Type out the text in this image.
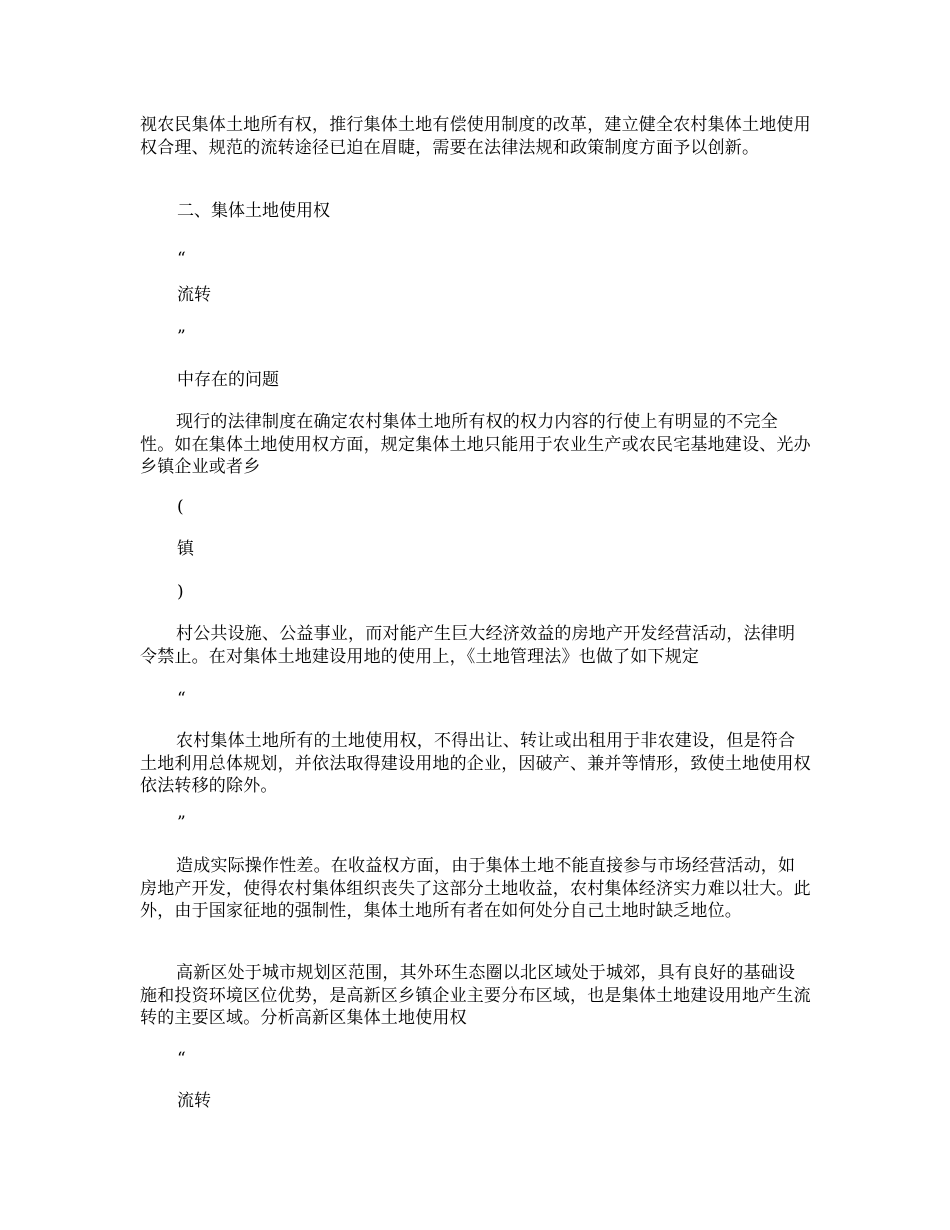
视农民集体土地所有权，推行集体土地有偿使用制度的改革，建立健全农村集体土地使用权合理、规范的流转途径已迫在眉睫，需要在法律法规和政策制度方面予以创新。

二、集体土地使用权
“
流转
”
中存在的问题

现行的法律制度在确定农村集体土地所有权的权力内容的行使上有明显的不完全性。如在集体土地使用权方面，规定集体土地只能用于农业生产或农民宅基地建设、光办乡镇企业或者乡

(
镇
)

村公共设施、公益事业，而对能产生巨大经济效益的房地产开发经营活动，法律明令禁止。在对集体土地建设用地的使用上，《土地管理法》也做了如下规定

“

农村集体土地所有的土地使用权，不得出让、转让或出租用于非农建设，但是符合土地利用总体规划，并依法取得建设用地的企业，因破产、兼并等情形，致使土地使用权依法转移的除外。

”

造成实际操作性差。在收益权方面，由于集体土地不能直接参与市场经营活动，如房地产开发，使得农村集体组织丧失了这部分土地收益，农村集体经济实力难以壮大。此外，由于国家征地的强制性，集体土地所有者在如何处分自己土地时缺乏地位。

高新区处于城市规划区范围，其外环生态圈以北区域处于城郊，具有良好的基础设施和投资环境区位优势，是高新区乡镇企业主要分布区域，也是集体土地建设用地产生流转的主要区域。分析高新区集体土地使用权

“
流转
